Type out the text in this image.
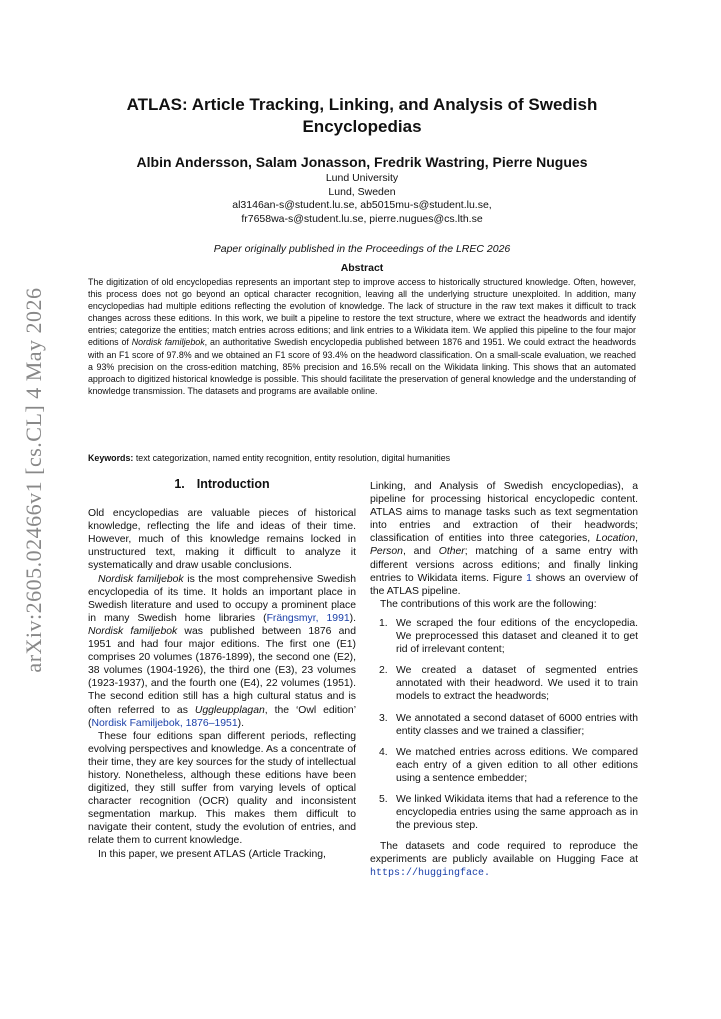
arXiv:2605.02466v1 [cs.CL] 4 May 2026
ATLAS: Article Tracking, Linking, and Analysis of Swedish
Encyclopedias
Albin Andersson, Salam Jonasson, Fredrik Wastring, Pierre Nugues
Lund University
Lund, Sweden
al3146an-s@student.lu.se, ab5015mu-s@student.lu.se,
fr7658wa-s@student.lu.se, pierre.nugues@cs.lth.se
Paper originally published in the Proceedings of the LREC 2026
Abstract
The digitization of old encyclopedias represents an important step to improve access to historically structured knowledge. Often, however, this process does not go beyond an optical character recognition, leaving all the underlying structure unexploited. In addition, many encyclopedias had multiple editions reflecting the evolution of knowledge. The lack of structure in the raw text makes it difficult to track changes across these editions. In this work, we built a pipeline to restore the text structure, where we extract the headwords and identify entries; categorize the entities; match entries across editions; and link entries to a Wikidata item. We applied this pipeline to the four major editions of Nordisk familjebok, an authoritative Swedish encyclopedia published between 1876 and 1951. We could extract the headwords with an F1 score of 97.8% and we obtained an F1 score of 93.4% on the headword classification. On a small-scale evaluation, we reached a 93% precision on the cross-edition matching, 85% precision and 16.5% recall on the Wikidata linking. This shows that an automated approach to digitized historical knowledge is possible. This should facilitate the preservation of general knowledge and the understanding of knowledge transmission. The datasets and programs are available online.
Keywords: text categorization, named entity recognition, entity resolution, digital humanities
1. Introduction

Old encyclopedias are valuable pieces of historical knowledge, reflecting the life and ideas of their time. However, much of this knowledge remains locked in unstructured text, making it difficult to analyze it systematically and draw usable conclusions.

Nordisk familjebok is the most comprehensive Swedish encyclopedia of its time. It holds an important place in Swedish literature and used to occupy a prominent place in many Swedish home libraries (Frängsmyr, 1991). Nordisk familjebok was published between 1876 and 1951 and had four major editions. The first one (E1) comprises 20 volumes (1876-1899), the second one (E2), 38 volumes (1904-1926), the third one (E3), 23 volumes (1923-1937), and the fourth one (E4), 22 volumes (1951). The second edition still has a high cultural status and is often referred to as Uggleupplagan, the ‘Owl edition’ (Nordisk Familjebok, 1876–1951).

These four editions span different periods, reflecting evolving perspectives and knowledge. As a concentrate of their time, they are key sources for the study of intellectual history. Nonetheless, although these editions have been digitized, they still suffer from varying levels of optical character recognition (OCR) quality and inconsistent segmentation markup. This makes them difficult to navigate their content, study the evolution of entries, and relate them to current knowledge.

In this paper, we present ATLAS (Article Tracking,

Linking, and Analysis of Swedish encyclopedias), a pipeline for processing historical encyclopedic content. ATLAS aims to manage tasks such as text segmentation into entries and extraction of their headwords; classification of entities into three categories, Location, Person, and Other; matching of a same entry with different versions across editions; and finally linking entries to Wikidata items. Figure 1 shows an overview of the ATLAS pipeline.

The contributions of this work are the following:

1. We scraped the four editions of the encyclopedia. We preprocessed this dataset and cleaned it to get rid of irrelevant content;
2. We created a dataset of segmented entries annotated with their headword. We used it to train models to extract the headwords;
3. We annotated a second dataset of 6000 entries with entity classes and we trained a classifier;
4. We matched entries across editions. We compared each entry of a given edition to all other editions using a sentence embedder;
5. We linked Wikidata items that had a reference to the encyclopedia entries using the same approach as in the previous step.

The datasets and code required to reproduce the experiments are publicly available on Hugging Face at https://huggingface.
